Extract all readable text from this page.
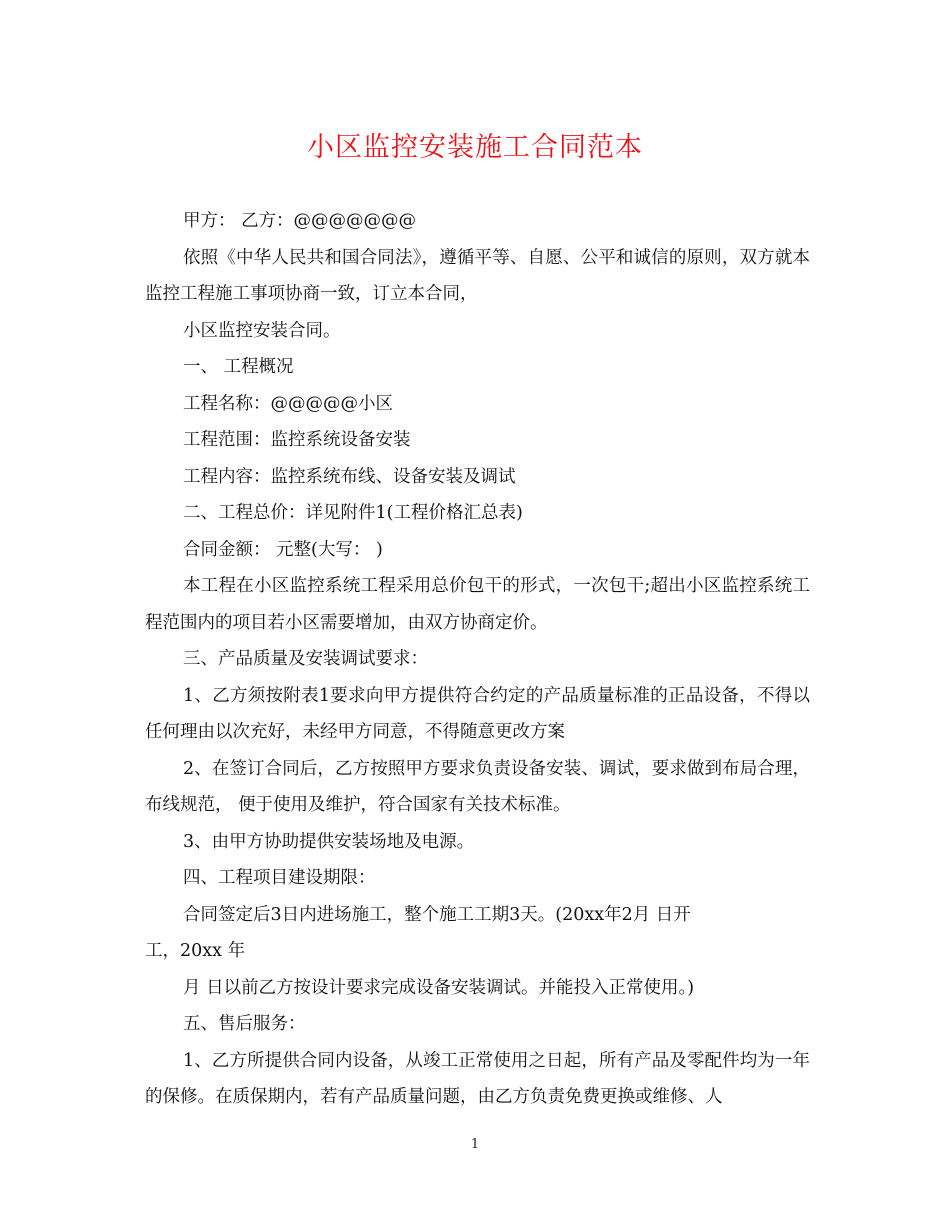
小区监控安装施工合同范本

甲方： 乙方：@@@@@@@

依照《中华人民共和国合同法》，遵循平等、自愿、公平和诚信的原则，双方就本监控工程施工事项协商一致，订立本合同，

小区监控安装合同。

一、 工程概况

工程名称：@@@@@小区

工程范围：监控系统设备安装

工程内容：监控系统布线、设备安装及调试

二、工程总价：详见附件1(工程价格汇总表)

合同金额： 元整(大写： )

本工程在小区监控系统工程采用总价包干的形式，一次包干;超出小区监控系统工程范围内的项目若小区需要增加，由双方协商定价。

三、产品质量及安装调试要求：

1、乙方须按附表1要求向甲方提供符合约定的产品质量标准的正品设备，不得以任何理由以次充好，未经甲方同意，不得随意更改方案

2、在签订合同后，乙方按照甲方要求负责设备安装、调试，要求做到布局合理，布线规范， 便于使用及维护，符合国家有关技术标准。

3、由甲方协助提供安装场地及电源。

四、工程项目建设期限：

合同签定后3日内进场施工，整个施工工期3天。(20xx年2月 日开

工，20xx 年

月 日以前乙方按设计要求完成设备安装调试。并能投入正常使用。)

五、售后服务：

1、乙方所提供合同内设备，从竣工正常使用之日起，所有产品及零配件均为一年的保修。在质保期内，若有产品质量问题，由乙方负责免费更换或维修、人

1
